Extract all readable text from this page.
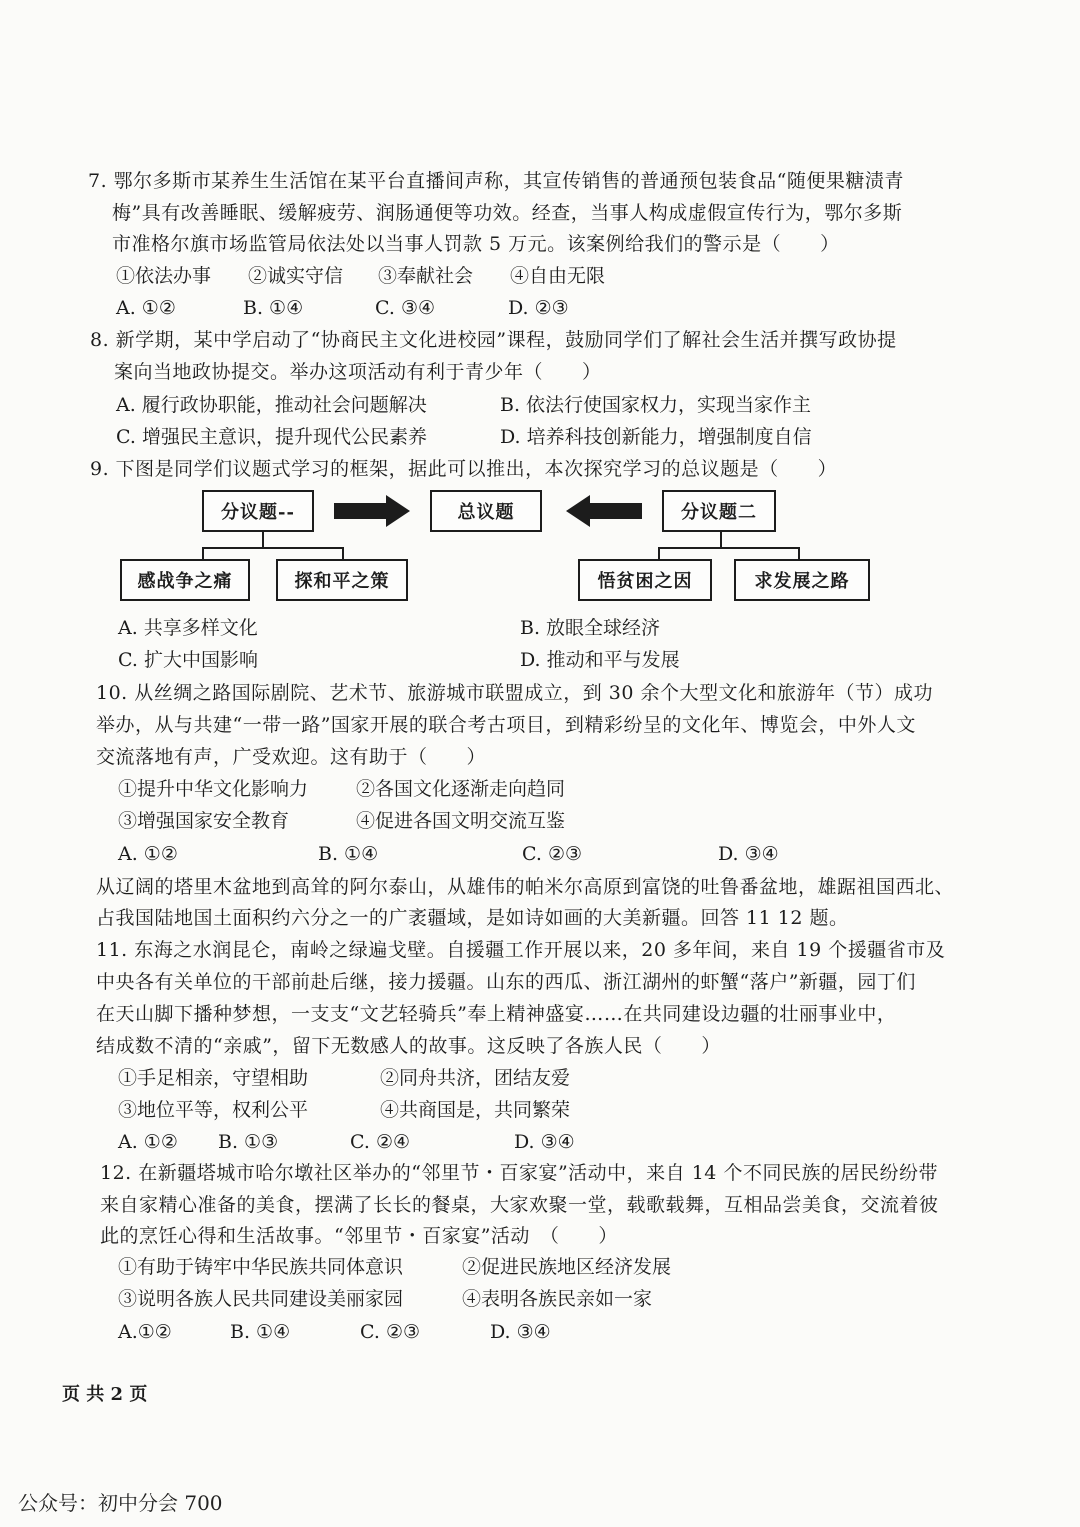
7. 鄂尔多斯市某养生生活馆在某平台直播间声称，其宣传销售的普通预包装食品“随便果糖渍青
梅”具有改善睡眠、缓解疲劳、润肠通便等功效。经查，当事人构成虚假宣传行为，鄂尔多斯
市准格尔旗市场监管局依法处以当事人罚款 5 万元。该案例给我们的警示是（　　）
①依法办事 ②诚实守信 ③奉献社会 ④自由无限
A. ①②	B. ①④	C. ③④	D. ②③
8. 新学期，某中学启动了“协商民主文化进校园”课程，鼓励同学们了解社会生活并撰写政协提
案向当地政协提交。举办这项活动有利于青少年（　　）
A. 履行政协职能，推动社会问题解决	B. 依法行使国家权力，实现当家作主
C. 增强民主意识，提升现代公民素养	D. 培养科技创新能力，增强制度自信
9. 下图是同学们议题式学习的框架，据此可以推出，本次探究学习的总议题是（　　）
分议题--	总议题	分议题二
感战争之痛	探和平之策	悟贫困之因	求发展之路
A. 共享多样文化	B. 放眼全球经济
C. 扩大中国影响	D. 推动和平与发展
10. 从丝绸之路国际剧院、艺术节、旅游城市联盟成立，到 30 余个大型文化和旅游年（节）成功
举办，从与共建“一带一路”国家开展的联合考古项目，到精彩纷呈的文化年、博览会，中外人文
交流落地有声，广受欢迎。这有助于（　　）
①提升中华文化影响力	②各国文化逐渐走向趋同
③增强国家安全教育	④促进各国文明交流互鉴
A. ①②	B. ①④	C. ②③	D. ③④
从辽阔的塔里木盆地到高耸的阿尔泰山，从雄伟的帕米尔高原到富饶的吐鲁番盆地，雄踞祖国西北、
占我国陆地国土面积约六分之一的广袤疆域，是如诗如画的大美新疆。回答 11 12 题。
11. 东海之水润昆仑，南岭之绿遍戈壁。自援疆工作开展以来，20 多年间，来自 19 个援疆省市及
中央各有关单位的干部前赴后继，接力援疆。山东的西瓜、浙江湖州的虾蟹“落户”新疆，园丁们
在天山脚下播种梦想，一支支“文艺轻骑兵”奉上精神盛宴……在共同建设边疆的壮丽事业中，
结成数不清的“亲戚”，留下无数感人的故事。这反映了各族人民（　　）
①手足相亲，守望相助	②同舟共济，团结友爱
③地位平等，权利公平	④共商国是，共同繁荣
A. ①② B. ①③	C. ②④	D. ③④
12. 在新疆塔城市哈尔墩社区举办的“邻里节・百家宴”活动中，来自 14 个不同民族的居民纷纷带
来自家精心准备的美食，摆满了长长的餐桌，大家欢聚一堂，载歌载舞，互相品尝美食，交流着彼
此的烹饪心得和生活故事。“邻里节・百家宴”活动　（　　）
①有助于铸牢中华民族共同体意识	②促进民族地区经济发展
③说明各族人民共同建设美丽家园	④表明各族民亲如一家
A.①②	B. ①④	C. ②③	D. ③④
页 共 2 页
公众号：初中分会 700
